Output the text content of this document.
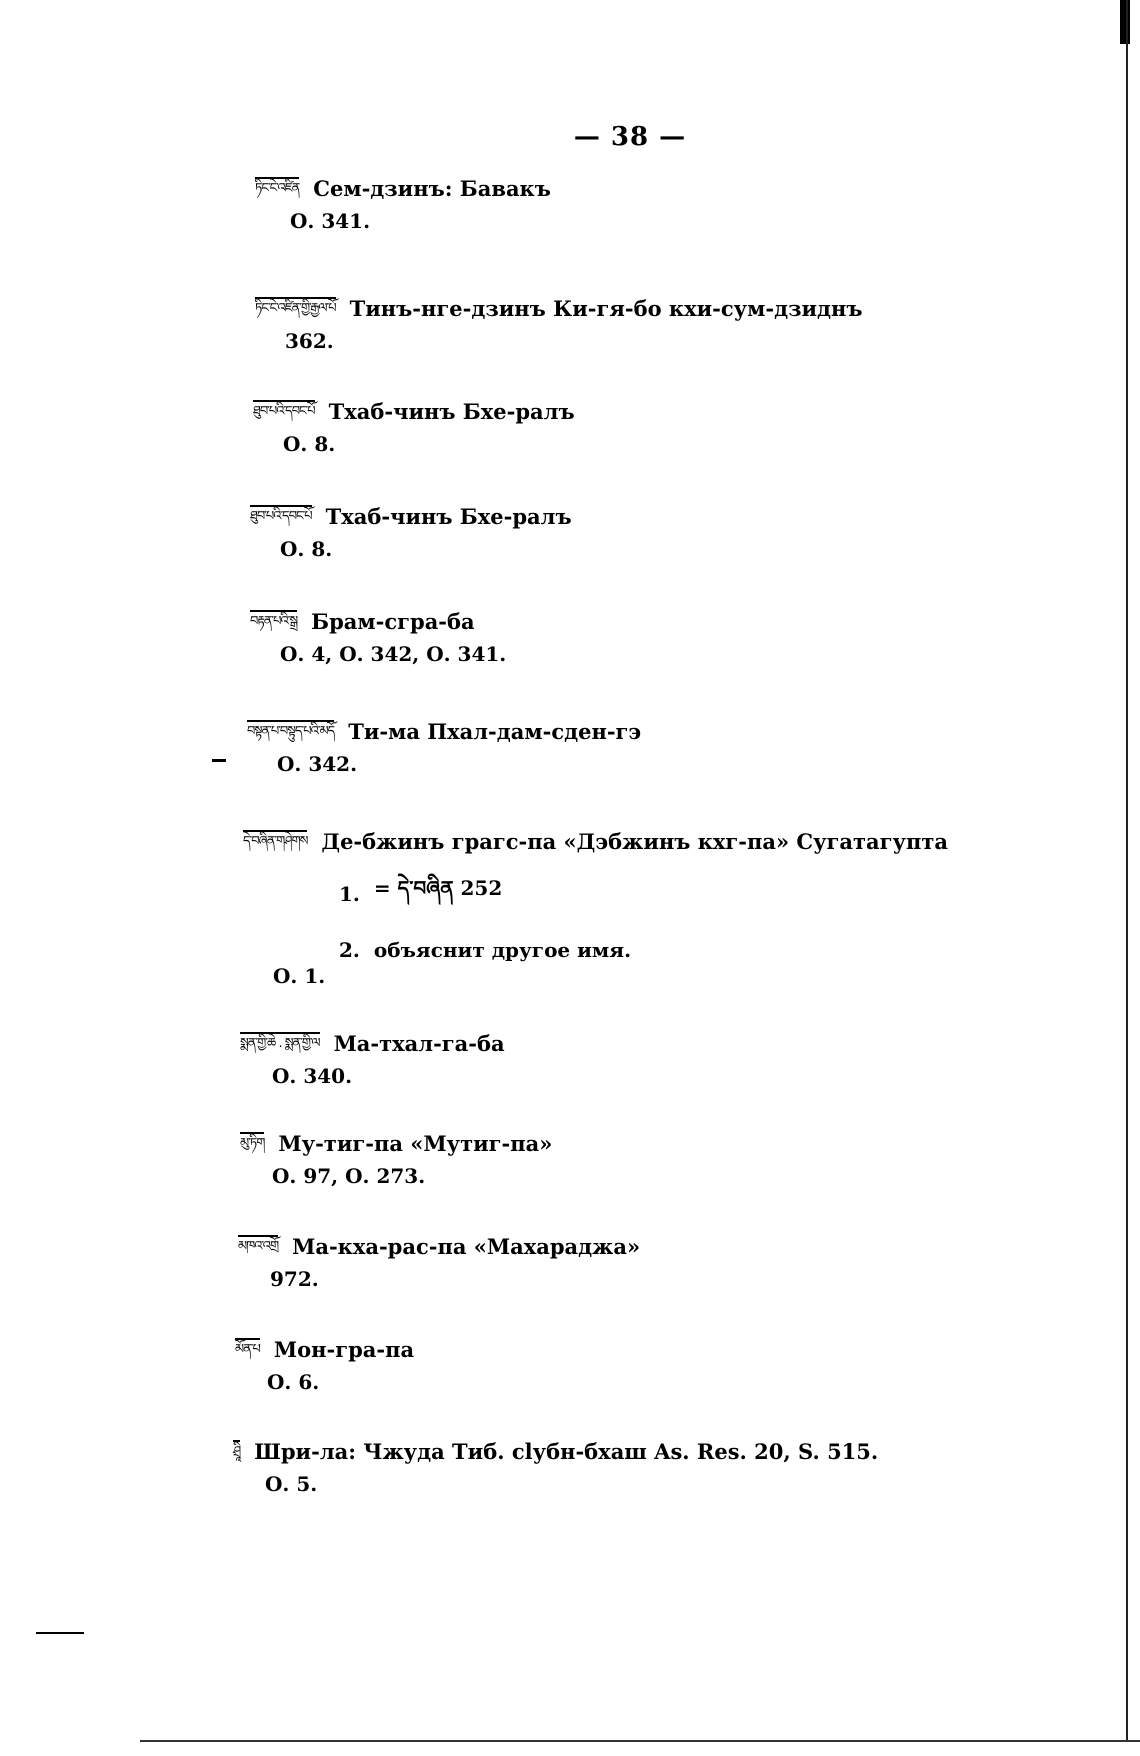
— 38 —
ཏིང་ངེ་འཛིན Сем-дзинъ: Бавакъ
О. 341.
ཏིང་ངེ་འཛིན་གྱི་རྒྱལ་པོ Тинъ-нге-дзинъ Ки-гя-бо кхи-сум-дзиднъ
362.
ཐུབ་པའི་དབང་པོ Тхаб-чинъ Бхе-ралъ
О. 8.
ཐུབ་པའི་དབང་པོ Тхаб-чинъ Бхе-ралъ
О. 8.
བརྟན་པའི་སྒྲ Брам-сгра-ба
О. 4, О. 342, О. 341.
བསྟན་པ་བསྟུད་པའི་མདོ Ти-ма Пхал-дам-сден-гэ
О. 342.
དེ་བཞིན་གཤེགས Де-бжинъ грагс-па «Дэбжинъ кхг-па» Сугатагупта
1. = དེ་བཞིན 252
2. объяснит другое имя.
О. 1.
སྨན་གྱི་ཆེ . སྨན་གྱི་ལ Ма-тхал-га-ба
О. 340.
མུ་ཏིག Му-тиг-па «Мутиг-па»
О. 97, О. 273.
མཁའ་འགྲོ Ма-кха-рас-па «Махараджа»
972.
མོན་པ Мон-гра-па
О. 6.
ཤྲཱི Шри-ла: Чжуда Тиб. сlубн-бхаш As. Res. 20, S. 515.
О. 5.
